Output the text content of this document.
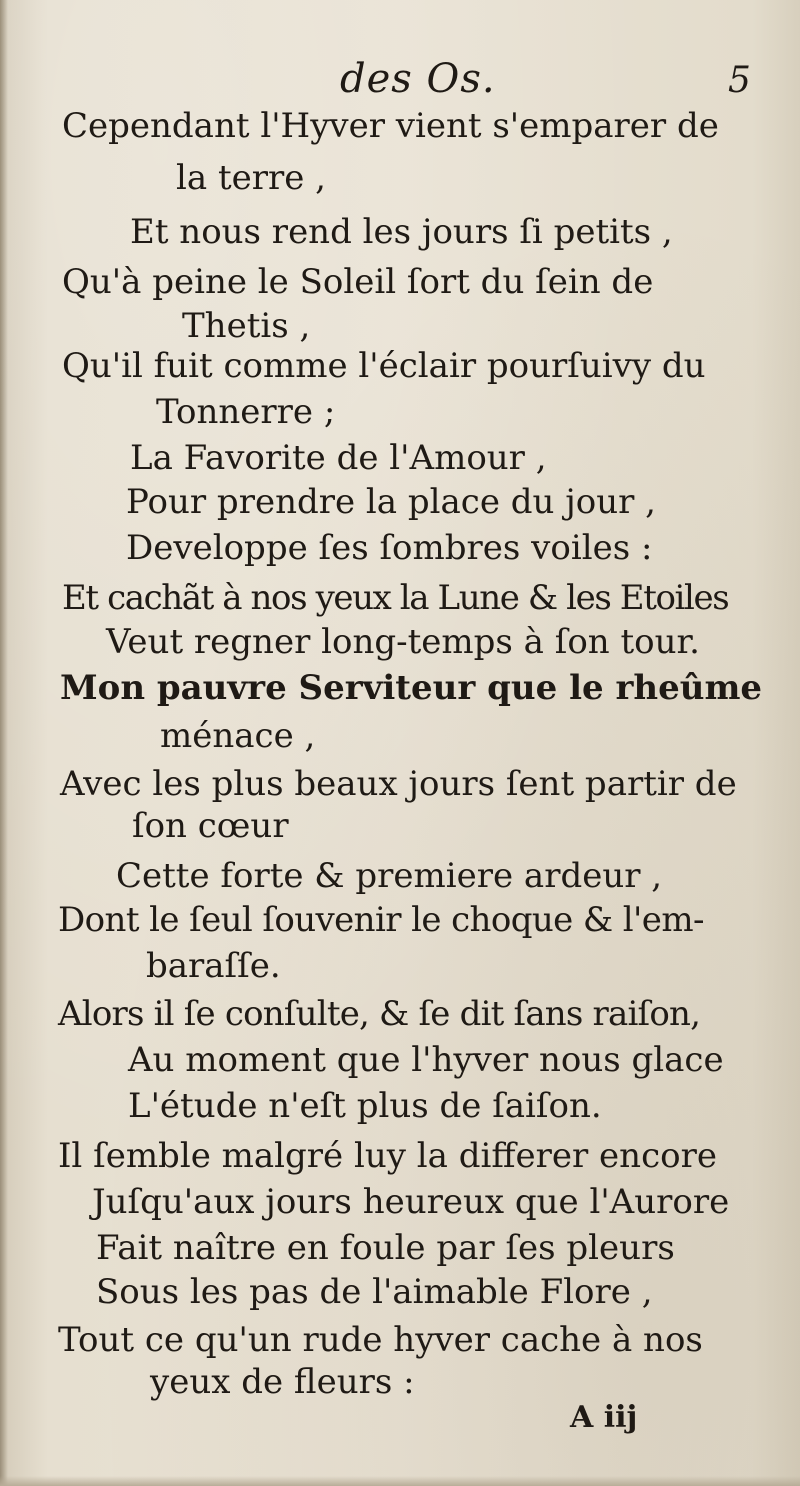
des Os.	5
Cependant l'Hyver vient s'emparer de
la terre ,
Et nous rend les jours ſi petits ,
Qu'à peine le Soleil ſort du ſein de
Thetis ,
Qu'il fuit comme l'éclair pourſuivy du
Tonnerre ;
La Favorite de l'Amour ,
Pour prendre la place du jour ,
Developpe ſes ſombres voiles :
Et cachãt à nos yeux la Lune & les Etoiles
Veut regner long-temps à ſon tour.
Mon pauvre Serviteur que le rheûme
ménace ,
Avec les plus beaux jours ſent partir de
ſon cœur
Cette forte & premiere ardeur ,
Dont le ſeul ſouvenir le choque & l'em-
baraſſe.
Alors il ſe conſulte, & ſe dit ſans raiſon,
Au moment que l'hyver nous glace
L'étude n'eſt plus de ſaiſon.
Il ſemble malgré luy la differer encore
Juſqu'aux jours heureux que l'Aurore
Fait naître en foule par ſes pleurs
Sous les pas de l'aimable Flore ,
Tout ce qu'un rude hyver cache à nos
yeux de fleurs :
A iij
